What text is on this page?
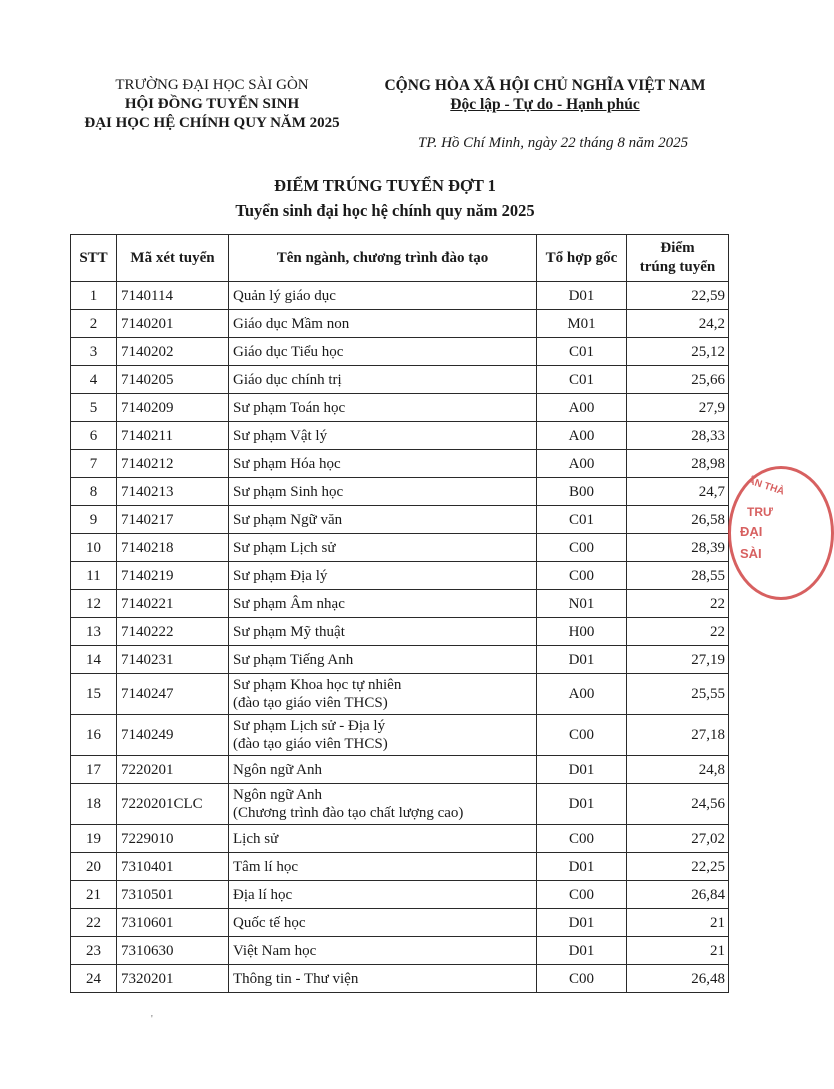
TRƯỜNG ĐẠI HỌC SÀI GÒN
HỘI ĐỒNG TUYỂN SINH
ĐẠI HỌC HỆ CHÍNH QUY NĂM 2025
CỘNG HÒA XÃ HỘI CHỦ NGHĨA VIỆT NAM
Độc lập - Tự do - Hạnh phúc
TP. Hồ Chí Minh, ngày 22 tháng 8 năm 2025
ĐIỂM TRÚNG TUYỂN ĐỢT 1
Tuyển sinh đại học hệ chính quy năm 2025
STT	Mã xét tuyển	Tên ngành, chương trình đào tạo	Tổ hợp gốc	Điểm
trúng tuyển

1	7140114	Quản lý giáo dục	D01	22,59
2	7140201	Giáo dục Mầm non	M01	24,2
3	7140202	Giáo dục Tiểu học	C01	25,12
4	7140205	Giáo dục chính trị	C01	25,66
5	7140209	Sư phạm Toán học	A00	27,9
6	7140211	Sư phạm Vật lý	A00	28,33
7	7140212	Sư phạm Hóa học	A00	28,98
8	7140213	Sư phạm Sinh học	B00	24,7
9	7140217	Sư phạm Ngữ văn	C01	26,58
10	7140218	Sư phạm Lịch sử	C00	28,39
11	7140219	Sư phạm Địa lý	C00	28,55
12	7140221	Sư phạm Âm nhạc	N01	22
13	7140222	Sư phạm Mỹ thuật	H00	22
14	7140231	Sư phạm Tiếng Anh	D01	27,19
15	7140247	Sư phạm Khoa học tự nhiên
(đào tạo giáo viên THCS)	A00	25,55
16	7140249	Sư phạm Lịch sử - Địa lý
(đào tạo giáo viên THCS)	C00	27,18
17	7220201	Ngôn ngữ Anh	D01	24,8
18	7220201CLC	Ngôn ngữ Anh
(Chương trình đào tạo chất lượng cao)	D01	24,56
19	7229010	Lịch sử	C00	27,02
20	7310401	Tâm lí học	D01	22,25
21	7310501	Địa lí học	C00	26,84
22	7310601	Quốc tế học	D01	21
23	7310630	Việt Nam học	D01	21
24	7320201	Thông tin - Thư viện	C00	26,48
ÂN THÀ
TRƯ
ĐẠI
SÀI
'
